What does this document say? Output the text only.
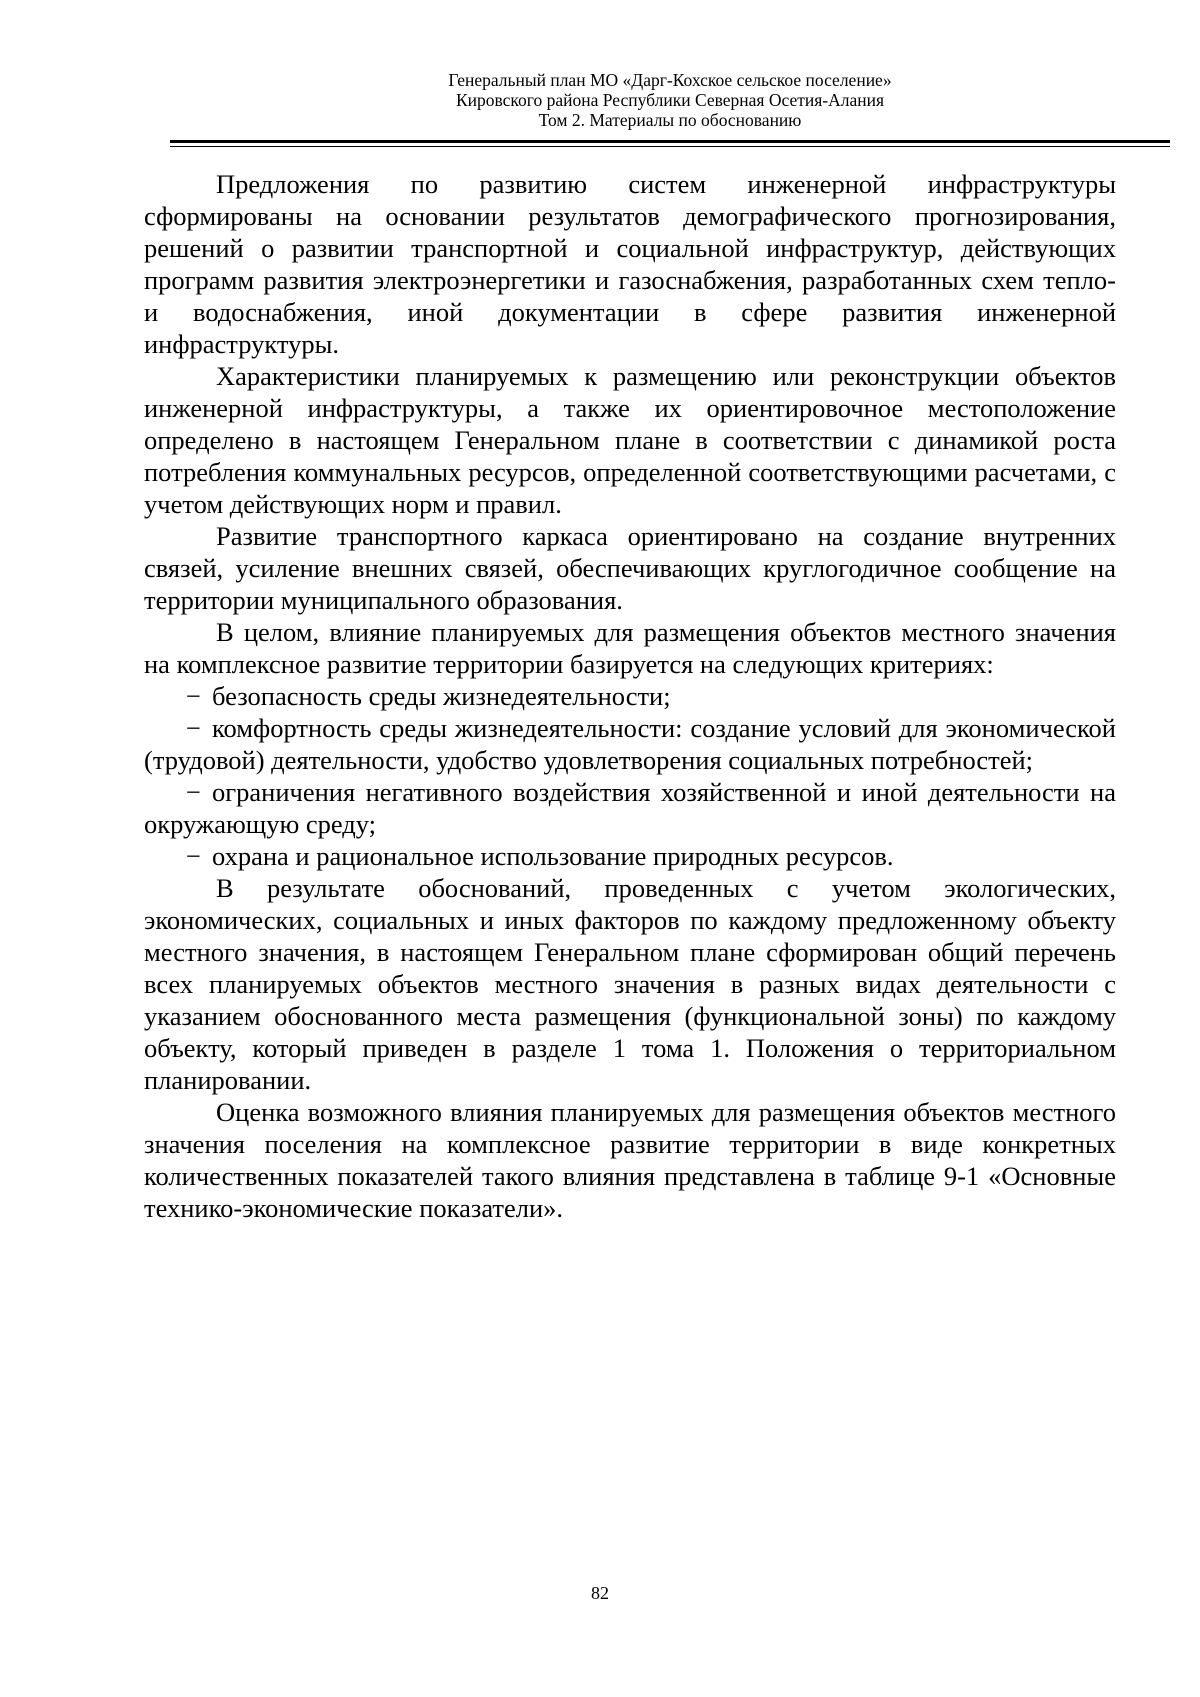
Генеральный план МО «Дарг-Кохское сельское поселение»
Кировского района Республики Северная Осетия-Алания
Том 2. Материалы по обоснованию

Предложения по развитию систем инженерной инфраструктуры сформированы на основании результатов демографического прогнозирования, решений о развитии транспортной и социальной инфраструктур, действующих программ развития электроэнергетики и газоснабжения, разработанных схем тепло- и водоснабжения, иной документации в сфере развития инженерной инфраструктуры.

Характеристики планируемых к размещению или реконструкции объектов инженерной инфраструктуры, а также их ориентировочное местоположение определено в настоящем Генеральном плане в соответствии с динамикой роста потребления коммунальных ресурсов, определенной соответствующими расчетами, с учетом действующих норм и правил.

Развитие транспортного каркаса ориентировано на создание внутренних связей, усиление внешних связей, обеспечивающих круглогодичное сообщение на территории муниципального образования.

В целом, влияние планируемых для размещения объектов местного значения на комплексное развитие территории базируется на следующих критериях:

− безопасность среды жизнедеятельности;

− комфортность среды жизнедеятельности: создание условий для экономической (трудовой) деятельности, удобство удовлетворения социальных потребностей;

− ограничения негативного воздействия хозяйственной и иной деятельности на окружающую среду;

− охрана и рациональное использование природных ресурсов.

В результате обоснований, проведенных с учетом экологических, экономических, социальных и иных факторов по каждому предложенному объекту местного значения, в настоящем Генеральном плане сформирован общий перечень всех планируемых объектов местного значения в разных видах деятельности с указанием обоснованного места размещения (функциональной зоны) по каждому объекту, который приведен в разделе 1 тома 1. Положения о территориальном планировании.

Оценка возможного влияния планируемых для размещения объектов местного значения поселения на комплексное развитие территории в виде конкретных количественных показателей такого влияния представлена в таблице 9-1 «Основные технико-экономические показатели».

82
